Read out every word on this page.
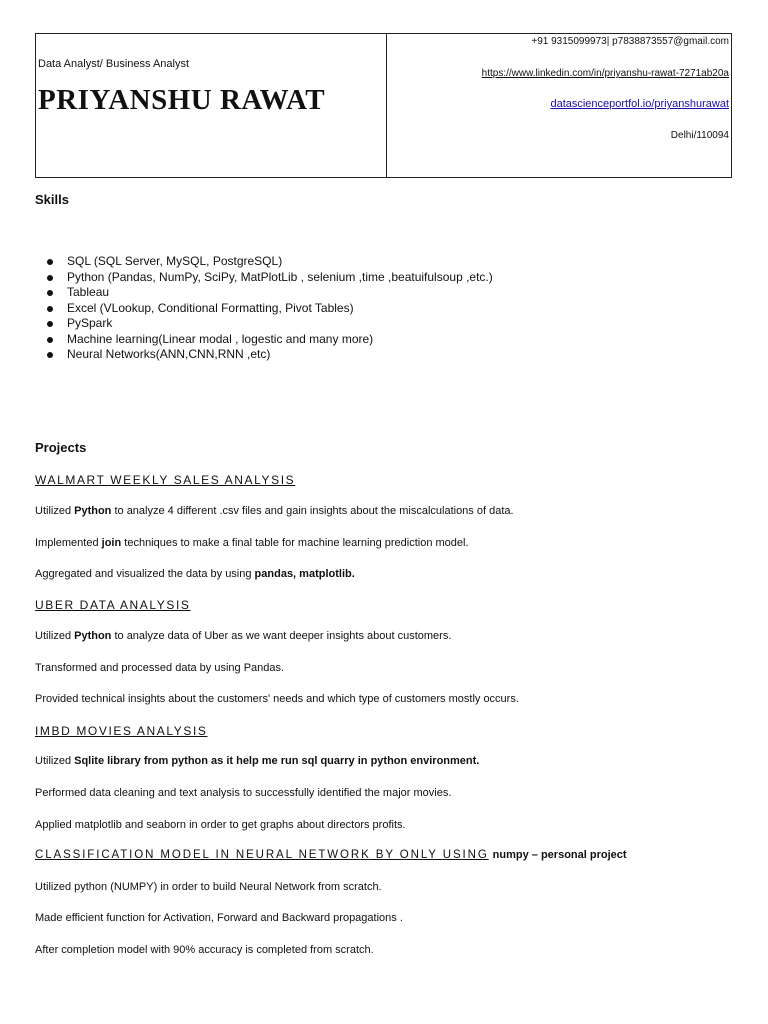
Data Analyst/ Business Analyst
PRIYANSHU RAWAT
+91 9315099973| p7838873557@gmail.com
https://www.linkedin.com/in/priyanshu-rawat-7271ab20a
datascienceportfol.io/priyanshurawat
Delhi/110094
Skills
SQL (SQL Server, MySQL, PostgreSQL)
Python (Pandas, NumPy, SciPy, MatPlotLib , selenium ,time ,beatuifulsoup ,etc.)
Tableau
Excel (VLookup, Conditional Formatting, Pivot Tables)
PySpark
Machine learning(Linear modal , logestic and many more)
Neural Networks(ANN,CNN,RNN ,etc)
Projects
WALMART WEEKLY SALES ANALYSIS
Utilized Python to analyze 4 different .csv files and gain insights about the miscalculations of data.
Implemented join techniques to make a final table for machine learning prediction model.
Aggregated and visualized the data by using pandas, matplotlib.
UBER DATA ANALYSIS
Utilized Python to analyze data of Uber as we want deeper insights about customers.
Transformed and processed data by using Pandas.
Provided technical insights about the customers' needs and which type of customers mostly occurs.
IMBD MOVIES ANALYSIS
Utilized Sqlite library from python as it help me run sql quarry in python environment.
Performed data cleaning and text analysis to successfully identified the major movies.
Applied matplotlib and seaborn in order to get graphs about directors profits.
CLASSIFICATION MODEL IN NEURAL NETWORK BY ONLY USING numpy – personal project
Utilized python (NUMPY) in order to build Neural Network from scratch.
Made efficient function for Activation, Forward and Backward propagations .
After completion model with 90% accuracy is completed from scratch.
